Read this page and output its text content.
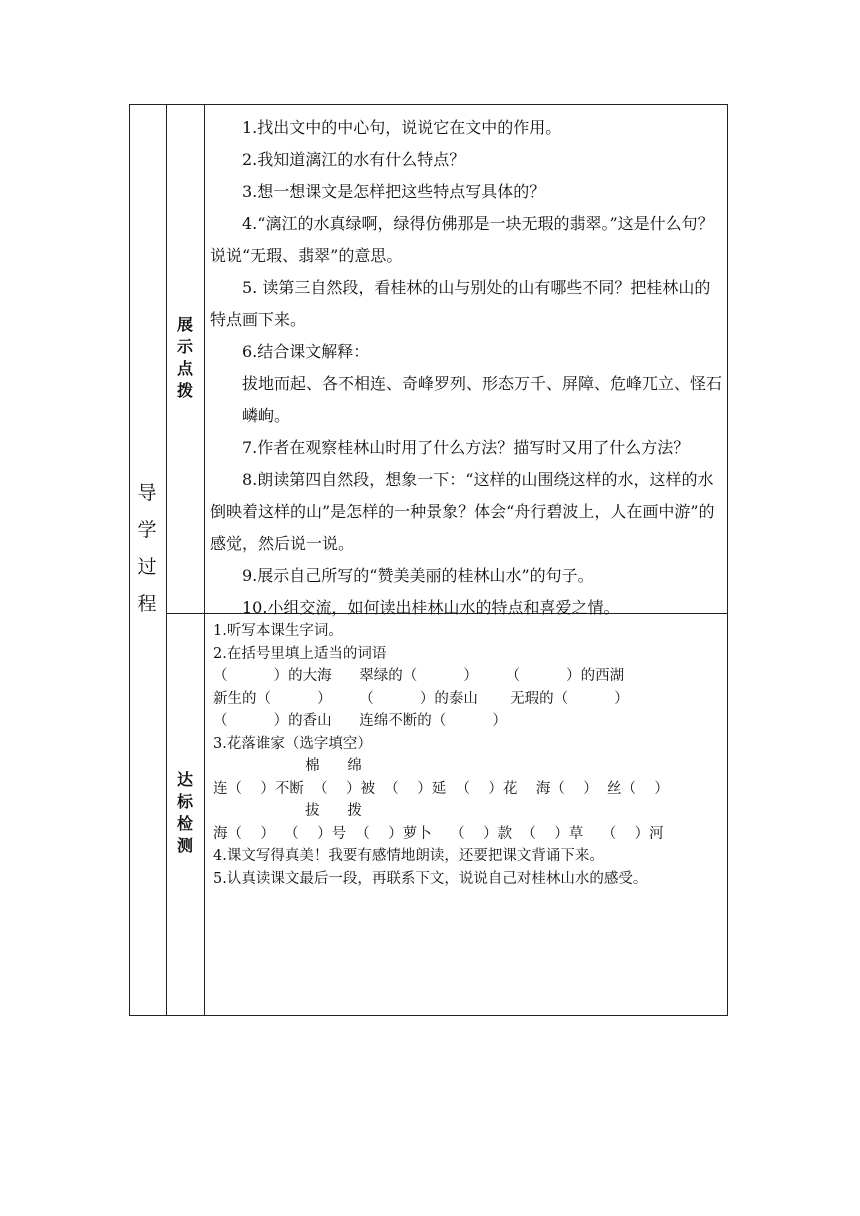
导
学
过
程
展
示
点
拨
达
标
检
测

1.找出文中的中心句，说说它在文中的作用。

2.我知道漓江的水有什么特点？

3.想一想课文是怎样把这些特点写具体的？

4.“漓江的水真绿啊，绿得仿佛那是一块无瑕的翡翠。”这是什么句？说说“无瑕、翡翠”的意思。

5. 读第三自然段，看桂林的山与别处的山有哪些不同？把桂林山的特点画下来。

6.结合课文解释：

拔地而起、各不相连、奇峰罗列、形态万千、屏障、危峰兀立、怪石嶙峋。

7.作者在观察桂林山时用了什么方法？描写时又用了什么方法？

8.朗读第四自然段，想象一下：“这样的山围绕这样的水，这样的水倒映着这样的山”是怎样的一种景象？体会“舟行碧波上，人在画中游”的感觉，然后说一说。

9.展示自己所写的“赞美美丽的桂林山水”的句子。

10.小组交流，如何读出桂林山水的特点和喜爱之情。

1.听写本课生字词。
2.在括号里填上适当的词语
（          ）的大海      翠绿的（          ）      （          ）的西湖
新生的（          ）      （          ）的泰山       无瑕的（          ）
（          ）的香山      连绵不断的（          ）
3.花落谁家（选字填空）
棉      绵
连（    ）不断  （    ）被  （    ）延  （    ）花    海（    ）  丝（    ）
拔      拨
海（    ）  （    ）号  （    ）萝卜    （    ）款  （    ）草    （    ）河
4.课文写得真美！我要有感情地朗读，还要把课文背诵下来。
5.认真读课文最后一段，再联系下文，说说自己对桂林山水的感受。
